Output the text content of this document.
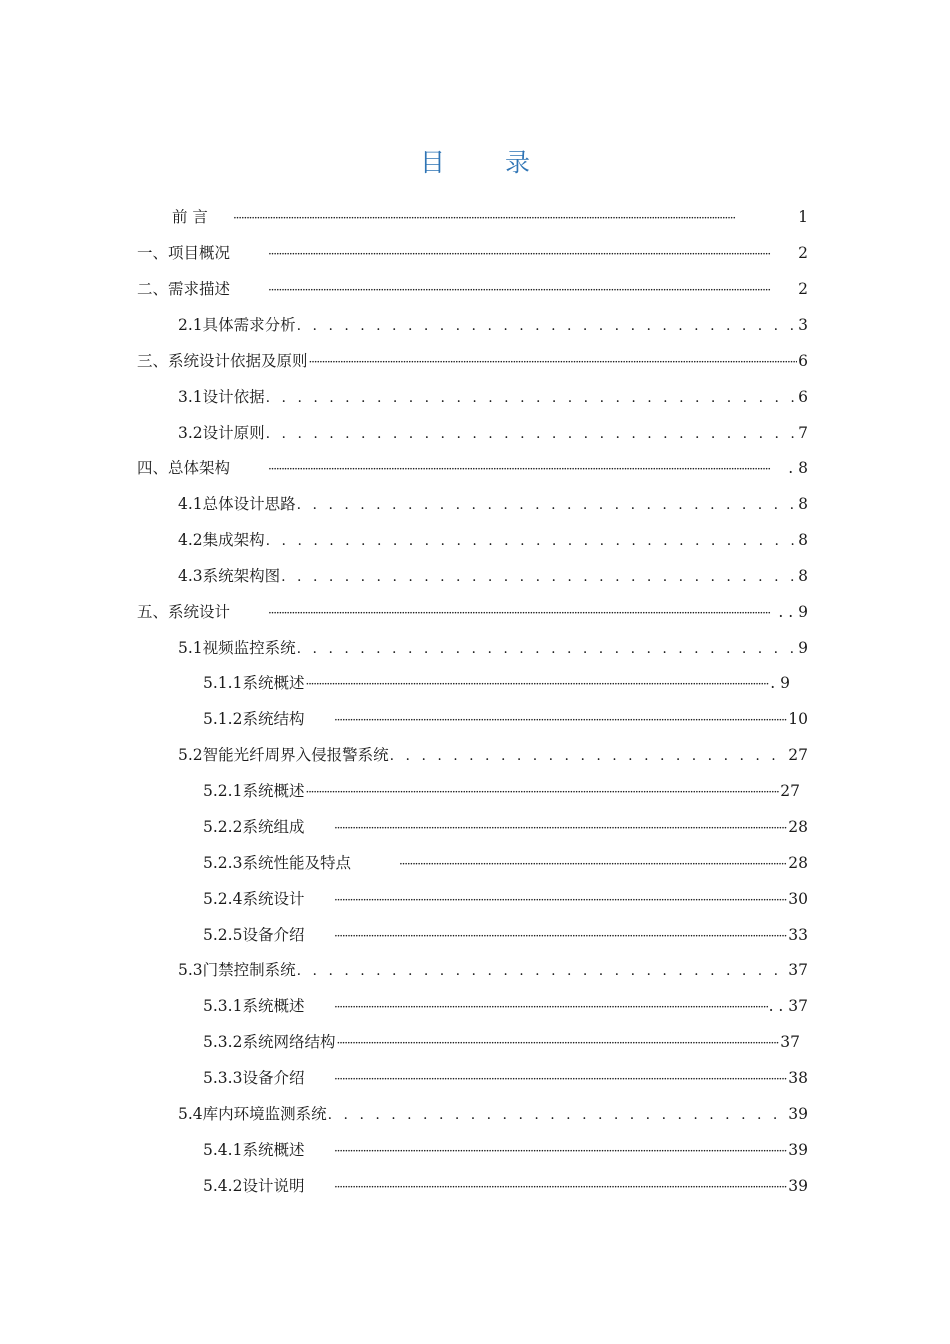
目 录
前 言 ·····	1
一、项目概况 ·····	2
二、需求描述 ·····	2
2.1具体需求分析 . . .	3
三、系统设计依据及原则 ·····	6
3.1设计依据 . . .	6
3.2设计原则 . . .	7
四、总体架构 ·····	. 8
4.1总体设计思路 . . .	8
4.2集成架构 . . .	8
4.3系统架构图 . . .	8
五、系统设计 ·····	. . 9
5.1视频监控系统 . . .	9
5.1.1系统概述 ·····	. 9
5.1.2系统结构 ·····	10
5.2智能光纤周界入侵报警系统 . . .	27
5.2.1系统概述 ·····	27
5.2.2系统组成 ·····	28
5.2.3系统性能及特点 ·····	28
5.2.4系统设计 ·····	30
5.2.5设备介绍 ·····	33
5.3门禁控制系统 . . .	37
5.3.1系统概述 ·····	. . 37
5.3.2系统网络结构 ·····	37
5.3.3设备介绍 ·····	38
5.4库内环境监测系统 . . .	39
5.4.1系统概述 ·····	39
5.4.2设计说明 ·····	39
